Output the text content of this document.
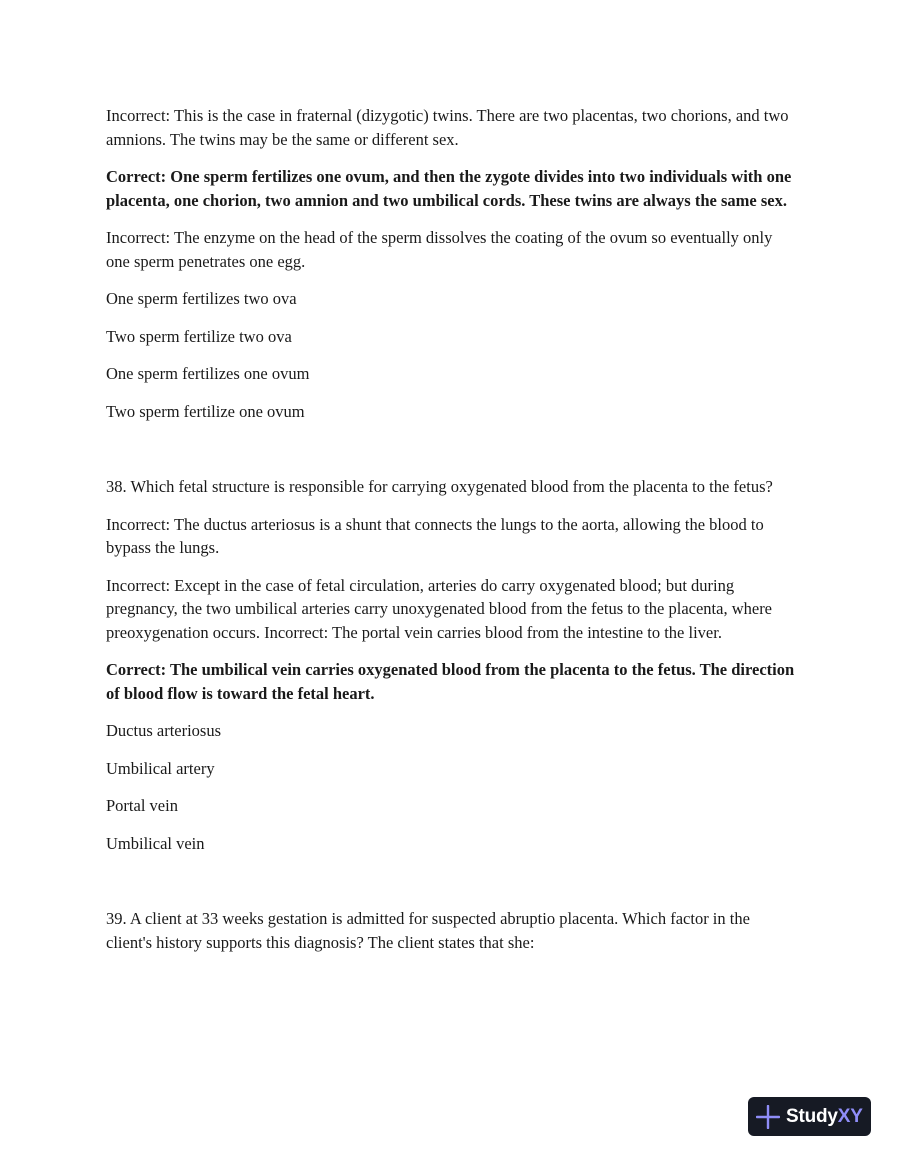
Incorrect: This is the case in fraternal (dizygotic) twins. There are two placentas, two chorions, and two amnions. The twins may be the same or different sex.

Correct: One sperm fertilizes one ovum, and then the zygote divides into two individuals with one placenta, one chorion, two amnion and two umbilical cords. These twins are always the same sex.

Incorrect: The enzyme on the head of the sperm dissolves the coating of the ovum so eventually only one sperm penetrates one egg.

One sperm fertilizes two ova

Two sperm fertilize two ova

One sperm fertilizes one ovum

Two sperm fertilize one ovum

38. Which fetal structure is responsible for carrying oxygenated blood from the placenta to the fetus?

Incorrect: The ductus arteriosus is a shunt that connects the lungs to the aorta, allowing the blood to bypass the lungs.

Incorrect: Except in the case of fetal circulation, arteries do carry oxygenated blood; but during pregnancy, the two umbilical arteries carry unoxygenated blood from the fetus to the placenta, where preoxygenation occurs. Incorrect: The portal vein carries blood from the intestine to the liver.

Correct: The umbilical vein carries oxygenated blood from the placenta to the fetus. The direction of blood flow is toward the fetal heart.

Ductus arteriosus

Umbilical artery

Portal vein

Umbilical vein

39. A client at 33 weeks gestation is admitted for suspected abruptio placenta. Which factor in the client's history supports this diagnosis? The client states that she:

StudyXY
